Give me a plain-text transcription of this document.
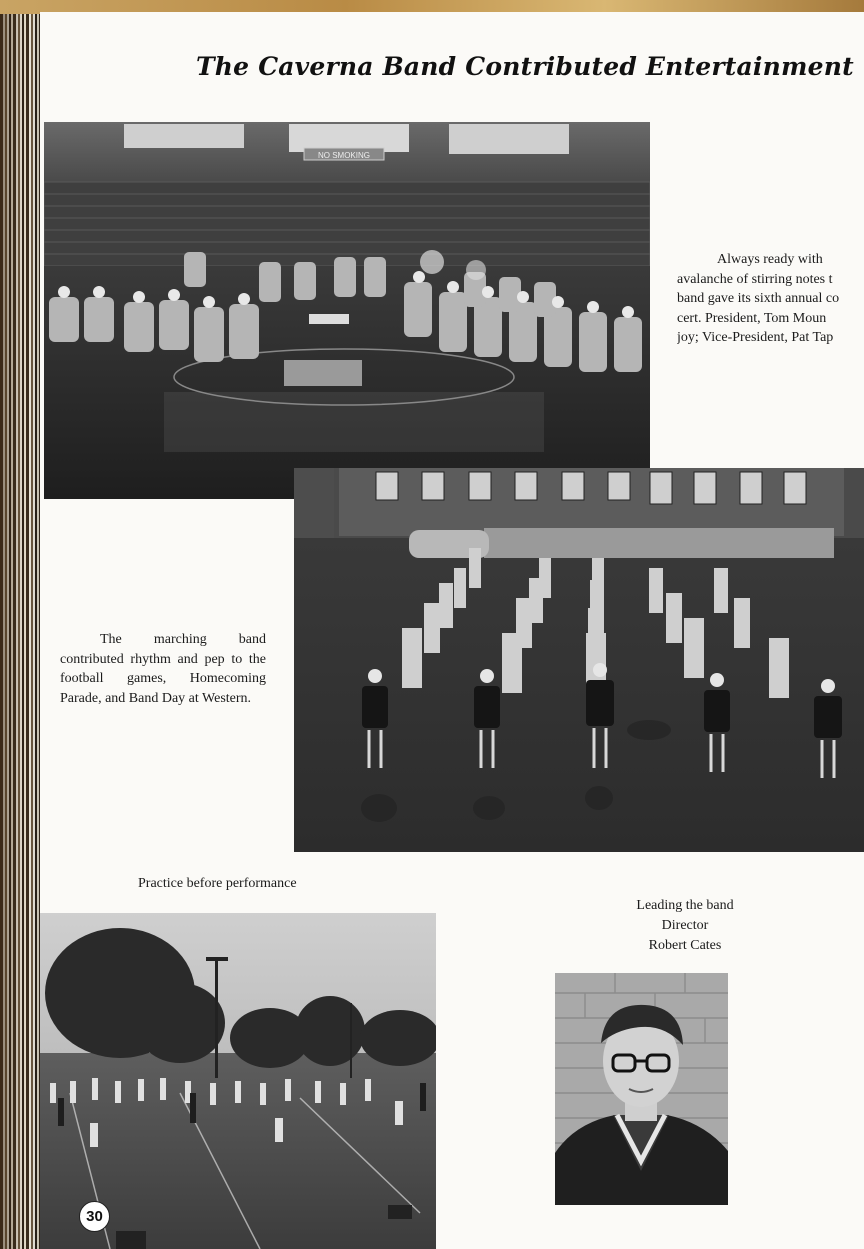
The Caverna Band Contributed Entertainment
NO SMOKING

Always ready with
avalanche of stirring notes t
band gave its sixth annual co
cert. President, Tom Moun
joy; Vice-President, Pat Tap

The marching band contributed rhythm and pep to the football games, Homecoming Parade, and Band Day at Western.

Practice before performance

Leading the band
Director
Robert Cates

30
